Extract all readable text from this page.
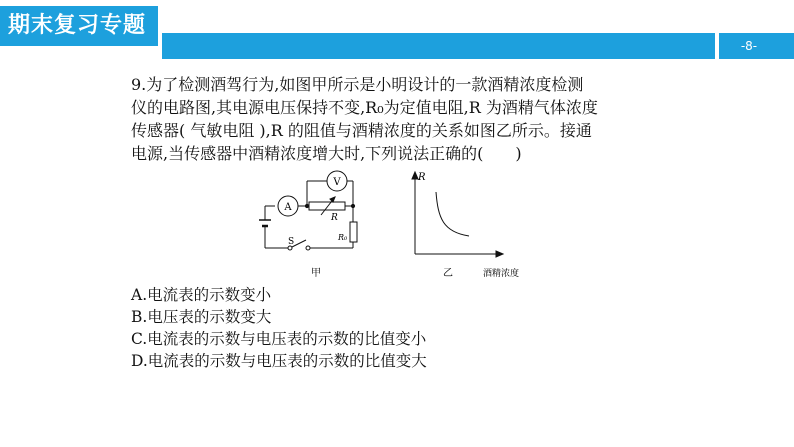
期末复习专题
-8-

9.为了检测酒驾行为,如图甲所示是小明设计的一款酒精浓度检测

仪的电路图,其电源电压保持不变,R₀为定值电阻,R 为酒精气体浓度

传感器( 气敏电阻 ),R 的阻值与酒精浓度的关系如图乙所示。接通

电源,当传感器中酒精浓度增大时,下列说法正确的(　　)

A
V
R
R₀
S
甲
R
乙	酒精浓度
A.电流表的示数变小
B.电压表的示数变大
C.电流表的示数与电压表的示数的比值变小
D.电流表的示数与电压表的示数的比值变大
